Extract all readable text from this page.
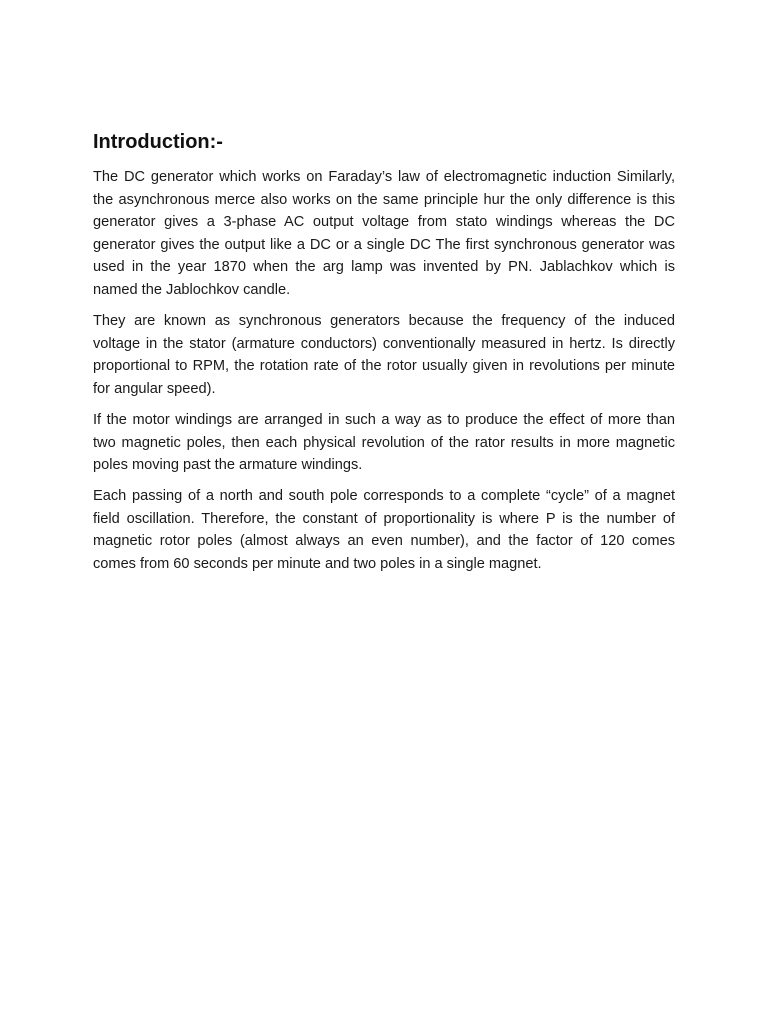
Introduction:-

The DC generator which works on Faraday’s law of electromagnetic induction Similarly, the asynchronous merce also works on the same principle hur the only difference is this generator gives a 3-phase AC output voltage from stato windings whereas the DC generator gives the output like a DC or a single DC The first synchronous generator was used in the year 1870 when the arg lamp was invented by PN. Jablachkov which is named the Jablochkov candle.

They are known as synchronous generators because the frequency of the induced voltage in the stator (armature conductors) conventionally measured in hertz. Is directly proportional to RPM, the rotation rate of the rotor usually given in revolutions per minute for angular speed).

If the motor windings are arranged in such a way as to produce the effect of more than two magnetic poles, then each physical revolution of the rator results in more magnetic poles moving past the armature windings.

Each passing of a north and south pole corresponds to a complete “cycle” of a magnet field oscillation. Therefore, the constant of proportionality is where P is the number of magnetic rotor poles (almost always an even number), and the factor of 120 comes comes from 60 seconds per minute and two poles in a single magnet.
